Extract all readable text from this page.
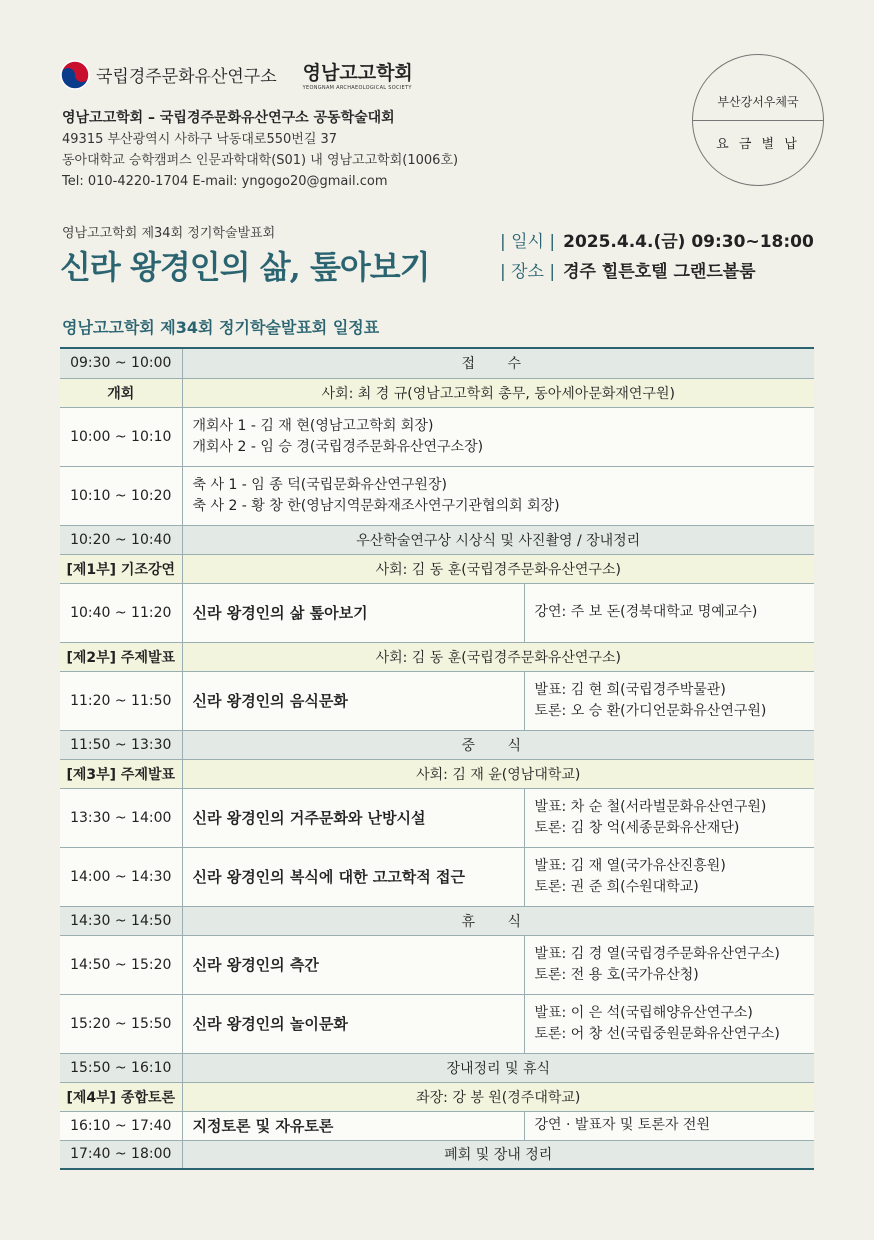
국립경주문화유산연구소 영남고고학회
YEONGNAM ARCHAEOLOGICAL SOCIETY
영남고고학회 – 국립경주문화유산연구소 공동학술대회
49315 부산광역시 사하구 낙동대로550번길 37
동아대학교 승학캠퍼스 인문과학대학(S01) 내 영남고고학회(1006호)
Tel: 010-4220-1704 E-mail: yngogo20@gmail.com
부산강서우체국
요 금 별 납
영남고고학회 제34회 정기학술발표회
신라 왕경인의 삶, 톺아보기
| 일시 | 2025.4.4.(금) 09:30~18:00
| 장소 | 경주 힐튼호텔 그랜드볼룸
영남고고학회 제34회 정기학술발표회 일정표
09:30 ~ 10:00	접 수	
개회	사회: 최 경 규(영남고고학회 총무, 동아세아문화재연구원)	
10:00 ~ 10:10	개회사 1 - 김 재 현(영남고고학회 회장)
개회사 2 - 임 승 경(국립경주문화유산연구소장)	

10:10 ~ 10:20	축 사 1 - 임 종 덕(국립문화유산연구원장)
축 사 2 - 황 창 한(영남지역문화재조사연구기관협의회 회장)	

10:20 ~ 10:40	우산학술연구상 시상식 및 사진촬영 / 장내정리	
[제1부] 기조강연	사회: 김 동 훈(국립경주문화유산연구소)	
10:40 ~ 11:20	신라 왕경인의 삶 톺아보기	강연: 주 보 돈(경북대학교 명예교수)

[제2부] 주제발표	사회: 김 동 훈(국립경주문화유산연구소)	
11:20 ~ 11:50	신라 왕경인의 음식문화	발표: 김 현 희(국립경주박물관)
토론: 오 승 환(가디언문화유산연구원)

11:50 ~ 13:30	중 식	
[제3부] 주제발표	사회: 김 재 윤(영남대학교)	
13:30 ~ 14:00	신라 왕경인의 거주문화와 난방시설	발표: 차 순 철(서라벌문화유산연구원)
토론: 김 창 억(세종문화유산재단)

14:00 ~ 14:30	신라 왕경인의 복식에 대한 고고학적 접근	발표: 김 재 열(국가유산진흥원)
토론: 권 준 희(수원대학교)

14:30 ~ 14:50	휴 식	
14:50 ~ 15:20	신라 왕경인의 측간	발표: 김 경 열(국립경주문화유산연구소)
토론: 전 용 호(국가유산청)

15:20 ~ 15:50	신라 왕경인의 놀이문화	발표: 이 은 석(국립해양유산연구소)
토론: 어 창 선(국립중원문화유산연구소)

15:50 ~ 16:10	장내정리 및 휴식	
[제4부] 종합토론	좌장: 강 봉 원(경주대학교)	
16:10 ~ 17:40	지정토론 및 자유토론	강연 · 발표자 및 토론자 전원

17:40 ~ 18:00	폐회 및 장내 정리	
